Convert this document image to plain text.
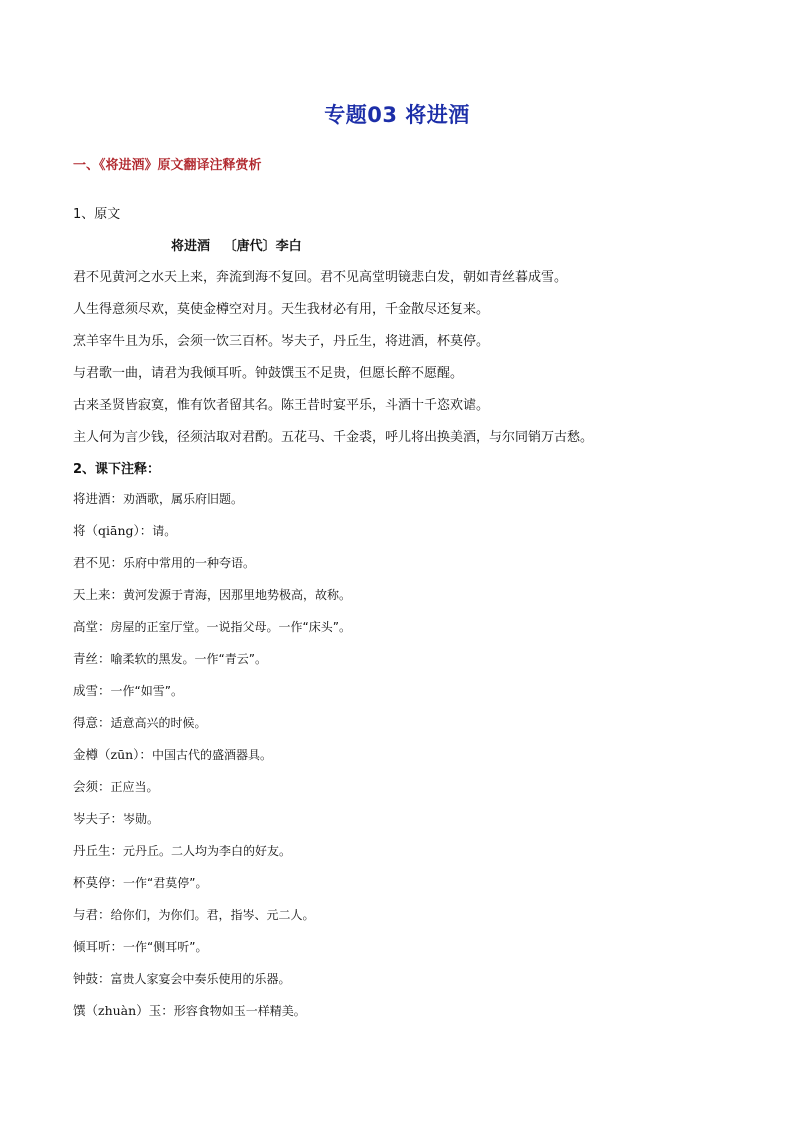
专题03 将进酒
一、《将进酒》原文翻译注释赏析
1、原文
将进酒   〔唐代〕李白
君不见黄河之水天上来，奔流到海不复回。君不见高堂明镜悲白发，朝如青丝暮成雪。
人生得意须尽欢，莫使金樽空对月。天生我材必有用，千金散尽还复来。
烹羊宰牛且为乐，会须一饮三百杯。岑夫子，丹丘生，将进酒，杯莫停。
与君歌一曲，请君为我倾耳听。钟鼓馔玉不足贵，但愿长醉不愿醒。
古来圣贤皆寂寞，惟有饮者留其名。陈王昔时宴平乐，斗酒十千恣欢谑。
主人何为言少钱，径须沽取对君酌。五花马、千金裘，呼儿将出换美酒，与尔同销万古愁。
2、课下注释：
将进酒：劝酒歌，属乐府旧题。
将（qiāng）：请。
君不见：乐府中常用的一种夸语。
天上来：黄河发源于青海，因那里地势极高，故称。
高堂：房屋的正室厅堂。一说指父母。一作“床头”。
青丝：喻柔软的黑发。一作“青云”。
成雪：一作“如雪”。
得意：适意高兴的时候。
金樽（zūn）：中国古代的盛酒器具。
会须：正应当。
岑夫子：岑勋。
丹丘生：元丹丘。二人均为李白的好友。
杯莫停：一作“君莫停”。
与君：给你们，为你们。君，指岑、元二人。
倾耳听：一作“侧耳听”。
钟鼓：富贵人家宴会中奏乐使用的乐器。
馔（zhuàn）玉：形容食物如玉一样精美。
